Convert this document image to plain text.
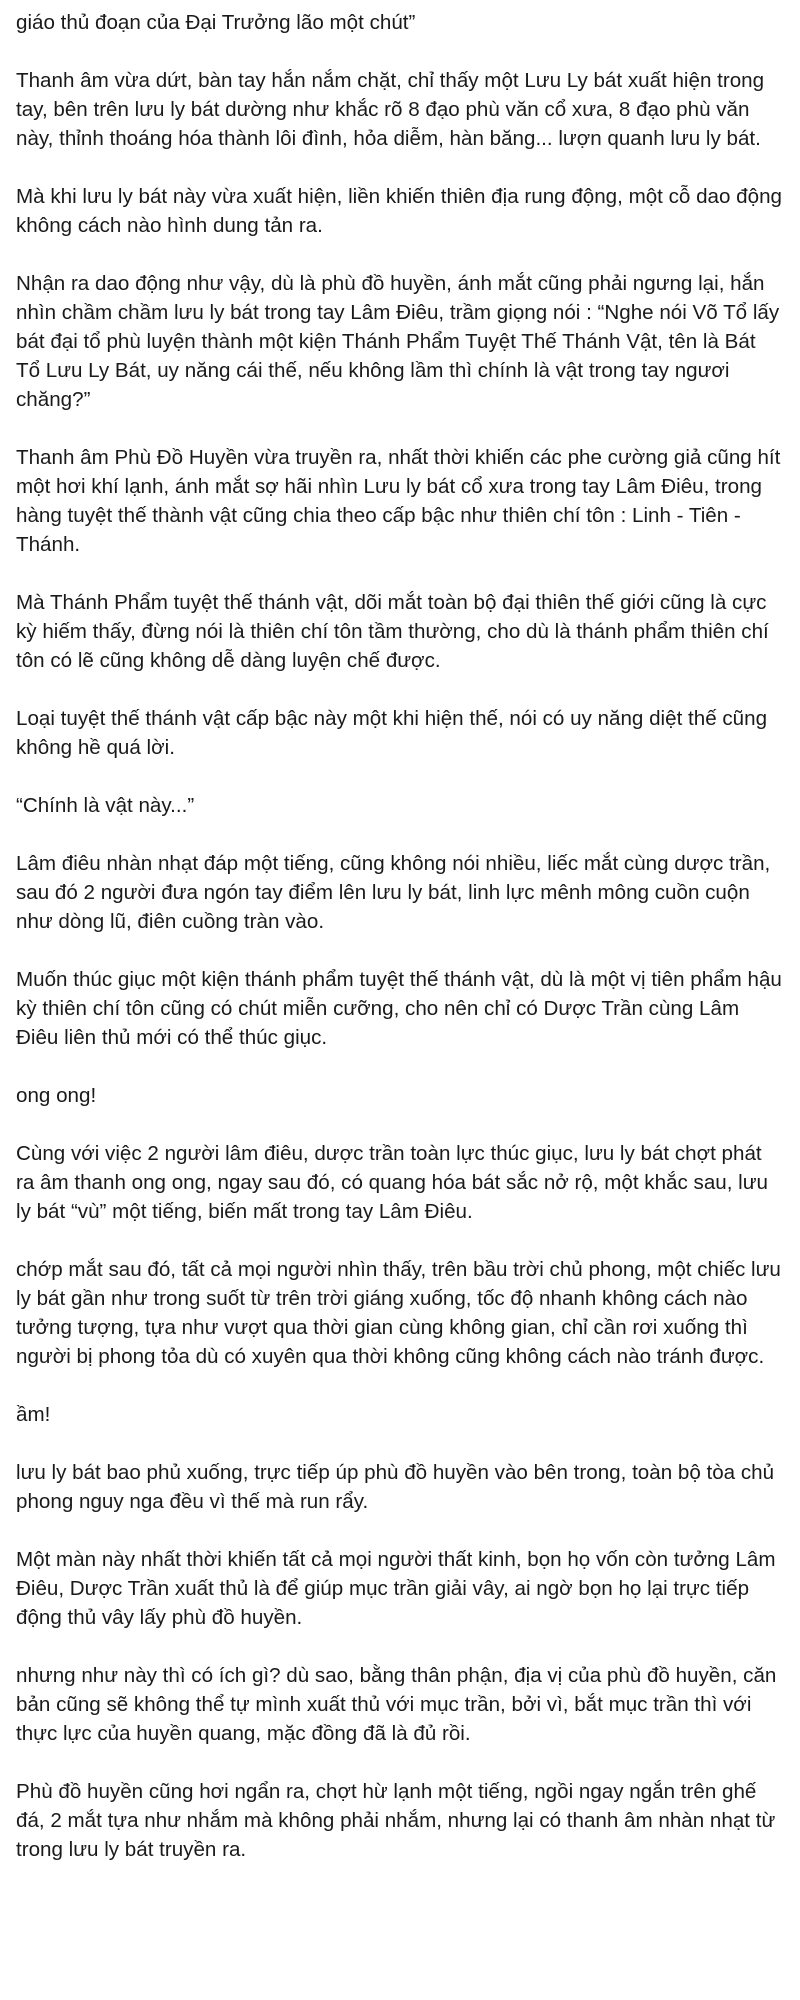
giáo thủ đoạn của Đại Trưởng lão một chút”

Thanh âm vừa dứt, bàn tay hắn nắm chặt, chỉ thấy một Lưu Ly bát xuất hiện trong tay, bên trên lưu ly bát dường như khắc rõ 8 đạo phù văn cổ xưa, 8 đạo phù văn này, thỉnh thoáng hóa thành lôi đình, hỏa diễm, hàn băng... lượn quanh lưu ly bát.

Mà khi lưu ly bát này vừa xuất hiện, liền khiến thiên địa rung động, một cỗ dao động không cách nào hình dung tản ra.

Nhận ra dao động như vậy, dù là phù đồ huyền, ánh mắt cũng phải ngưng lại, hắn nhìn chầm chầm lưu ly bát trong tay Lâm Điêu, trầm giọng nói : “Nghe nói Võ Tổ lấy bát đại tổ phù luyện thành một kiện Thánh Phẩm Tuyệt Thế Thánh Vật, tên là Bát Tổ Lưu Ly Bát, uy năng cái thế, nếu không lầm thì chính là vật trong tay ngươi chăng?”

Thanh âm Phù Đồ Huyền vừa truyền ra, nhất thời khiến các phe cường giả cũng hít một hơi khí lạnh, ánh mắt sợ hãi nhìn Lưu ly bát cổ xưa trong tay Lâm Điêu, trong hàng tuyệt thế thành vật cũng chia theo cấp bậc như thiên chí tôn : Linh - Tiên - Thánh.

Mà Thánh Phẩm tuyệt thế thánh vật, dõi mắt toàn bộ đại thiên thế giới cũng là cực kỳ hiếm thấy, đừng nói là thiên chí tôn tầm thường, cho dù là thánh phẩm thiên chí tôn có lẽ cũng không dễ dàng luyện chế được.

Loại tuyệt thế thánh vật cấp bậc này một khi hiện thế, nói có uy năng diệt thế cũng không hề quá lời.

“Chính là vật này...”

Lâm điêu nhàn nhạt đáp một tiếng, cũng không nói nhiều, liếc mắt cùng dược trần, sau đó 2 người đưa ngón tay điểm lên lưu ly bát, linh lực mênh mông cuồn cuộn như dòng lũ, điên cuồng tràn vào.

Muốn thúc giục một kiện thánh phẩm tuyệt thế thánh vật, dù là một vị tiên phẩm hậu kỳ thiên chí tôn cũng có chút miễn cưỡng, cho nên chỉ có Dược Trần cùng Lâm Điêu liên thủ mới có thể thúc giục.

ong ong!

Cùng với việc 2 người lâm điêu, dược trần toàn lực thúc giục, lưu ly bát chợt phát ra âm thanh ong ong, ngay sau đó, có quang hóa bát sắc nở rộ, một khắc sau, lưu ly bát “vù” một tiếng, biến mất trong tay Lâm Điêu.

chớp mắt sau đó, tất cả mọi người nhìn thấy, trên bầu trời chủ phong, một chiếc lưu ly bát gần như trong suốt từ trên trời giáng xuống, tốc độ nhanh không cách nào tưởng tượng, tựa như vượt qua thời gian cùng không gian, chỉ cần rơi xuống thì người bị phong tỏa dù có xuyên qua thời không cũng không cách nào tránh được.

ầm!

lưu ly bát bao phủ xuống, trực tiếp úp phù đồ huyền vào bên trong, toàn bộ tòa chủ phong nguy nga đều vì thế mà run rẩy.

Một màn này nhất thời khiến tất cả mọi người thất kinh, bọn họ vốn còn tưởng Lâm Điêu, Dược Trần xuất thủ là để giúp mục trần giải vây, ai ngờ bọn họ lại trực tiếp động thủ vây lấy phù đồ huyền.

nhưng như này thì có ích gì? dù sao, bằng thân phận, địa vị của phù đồ huyền, căn bản cũng sẽ không thể tự mình xuất thủ với mục trần, bởi vì, bắt mục trần thì với thực lực của huyền quang, mặc đồng đã là đủ rồi.

Phù đồ huyền cũng hơi ngẩn ra, chợt hừ lạnh một tiếng, ngồi ngay ngắn trên ghế đá, 2 mắt tựa như nhắm mà không phải nhắm, nhưng lại có thanh âm nhàn nhạt từ trong lưu ly bát truyền ra.
